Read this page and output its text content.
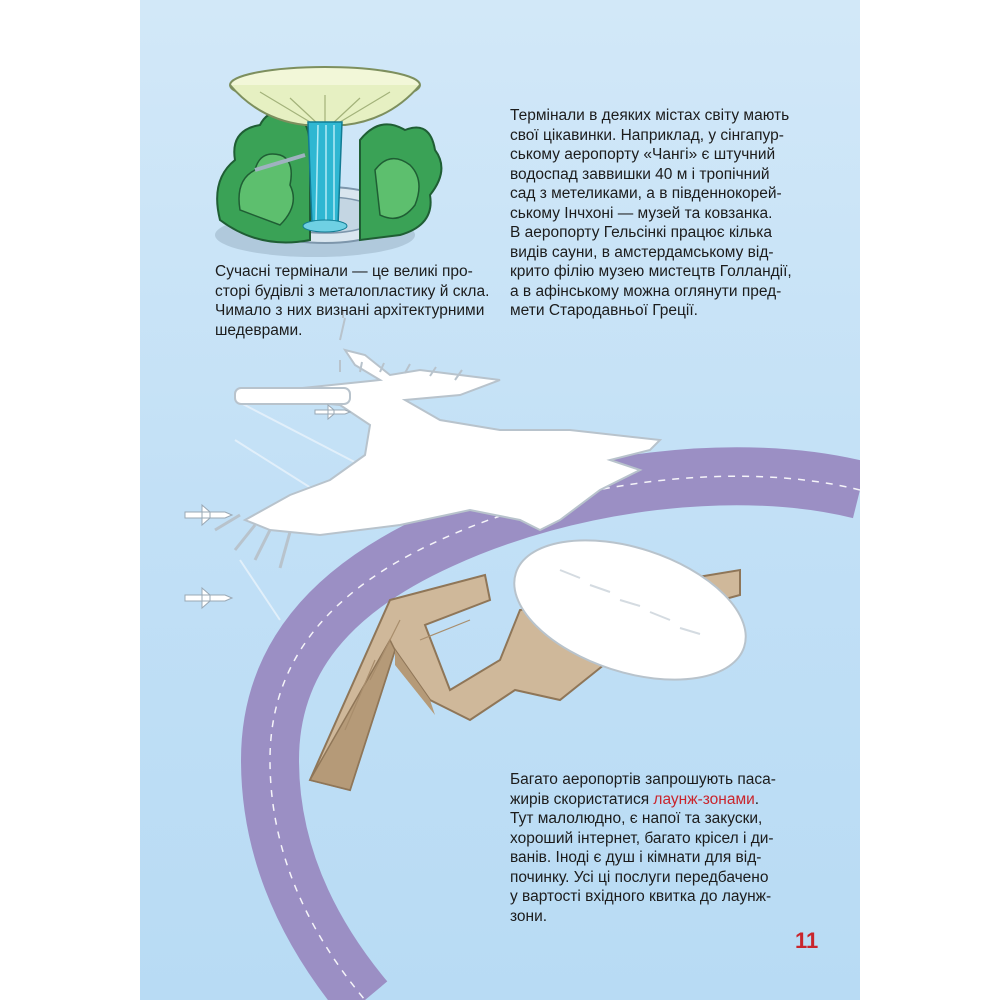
Термінали в деяких містах світу мають
свої цікавинки. Наприклад, у сінгапур-
ському аеропорту «Чангі» є штучний
водоспад заввишки 40 м і тропічний
сад з метеликами, а в південнокорей-
ському Інчхоні — музей та ковзанка.
В аеропорту Гельсінкі працює кілька
видів сауни, в амстердамському від-
крито філію музею мистецтв Голландії,
а в афінському можна оглянути пред-
мети Стародавньої Греції.

Сучасні термінали — це великі про-
сторі будівлі з металопластику й скла.
Чимало з них визнані архітектурними
шедеврами.

Багато аеропортів запрошують паса-
жирів скористатися лаунж-зонами.
Тут малолюдно, є напої та закуски,
хороший інтернет, багато крісел і ди-
ванів. Іноді є душ і кімнати для від-
починку. Усі ці послуги передбачено
у вартості вхідного квитка до лаунж-
зони.

11
